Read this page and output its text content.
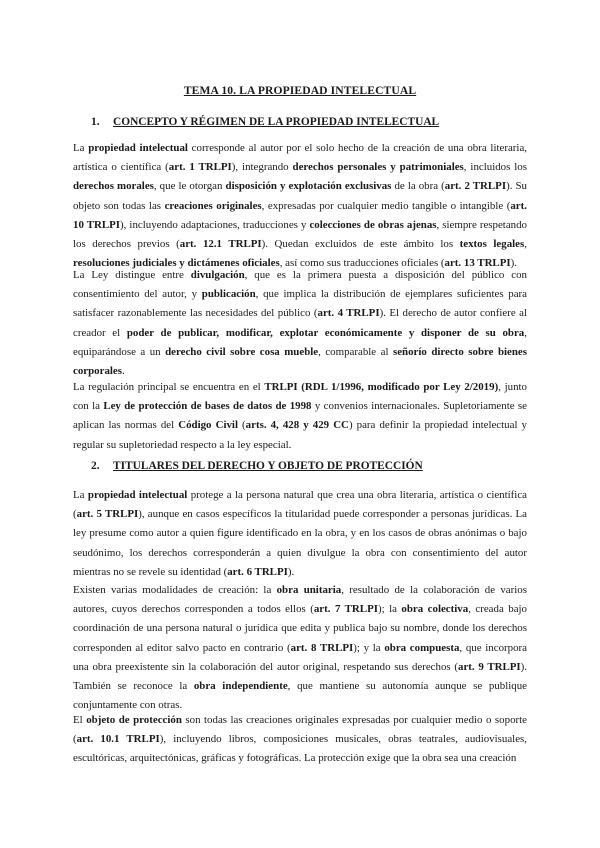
TEMA 10. LA PROPIEDAD INTELECTUAL
1. CONCEPTO Y RÉGIMEN DE LA PROPIEDAD INTELECTUAL

La propiedad intelectual corresponde al autor por el solo hecho de la creación de una obra literaria, artística o científica (art. 1 TRLPI), integrando derechos personales y patrimoniales, incluidos los derechos morales, que le otorgan disposición y explotación exclusivas de la obra (art. 2 TRLPI). Su objeto son todas las creaciones originales, expresadas por cualquier medio tangible o intangible (art. 10 TRLPI), incluyendo adaptaciones, traducciones y colecciones de obras ajenas, siempre respetando los derechos previos (art. 12.1 TRLPI). Quedan excluidos de este ámbito los textos legales, resoluciones judiciales y dictámenes oficiales, así como sus traducciones oficiales (art. 13 TRLPI).

La Ley distingue entre divulgación, que es la primera puesta a disposición del público con consentimiento del autor, y publicación, que implica la distribución de ejemplares suficientes para satisfacer razonablemente las necesidades del público (art. 4 TRLPI). El derecho de autor confiere al creador el poder de publicar, modificar, explotar económicamente y disponer de su obra, equiparándose a un derecho civil sobre cosa mueble, comparable al señorío directo sobre bienes corporales.

La regulación principal se encuentra en el TRLPI (RDL 1/1996, modificado por Ley 2/2019), junto con la Ley de protección de bases de datos de 1998 y convenios internacionales. Supletoriamente se aplican las normas del Código Civil (arts. 4, 428 y 429 CC) para definir la propiedad intelectual y regular su supletoriedad respecto a la ley especial.

2. TITULARES DEL DERECHO Y OBJETO DE PROTECCIÓN

La propiedad intelectual protege a la persona natural que crea una obra literaria, artística o científica (art. 5 TRLPI), aunque en casos específicos la titularidad puede corresponder a personas jurídicas. La ley presume como autor a quien figure identificado en la obra, y en los casos de obras anónimas o bajo seudónimo, los derechos corresponderán a quien divulgue la obra con consentimiento del autor mientras no se revele su identidad (art. 6 TRLPI).

Existen varias modalidades de creación: la obra unitaria, resultado de la colaboración de varios autores, cuyos derechos corresponden a todos ellos (art. 7 TRLPI); la obra colectiva, creada bajo coordinación de una persona natural o jurídica que edita y publica bajo su nombre, donde los derechos corresponden al editor salvo pacto en contrario (art. 8 TRLPI); y la obra compuesta, que incorpora una obra preexistente sin la colaboración del autor original, respetando sus derechos (art. 9 TRLPI). También se reconoce la obra independiente, que mantiene su autonomía aunque se publique conjuntamente con otras.

El objeto de protección son todas las creaciones originales expresadas por cualquier medio o soporte (art. 10.1 TRLPI), incluyendo libros, composiciones musicales, obras teatrales, audiovisuales, escultóricas, arquitectónicas, gráficas y fotográficas. La protección exige que la obra sea una creación
